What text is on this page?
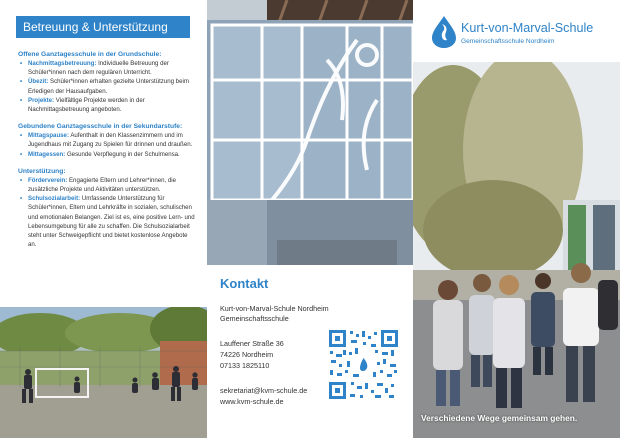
Betreuung & Unterstützung
Offene Ganztagesschule in der Grundschule:
• Nachmittagsbetreuung: Individuelle Betreuung der Schüler*innen nach dem regulären Unterricht.
• Übezit: Schüler*innen erhalten gezielte Unterstützung beim Erledigen der Hausaufgaben.
• Projekte: Vielfältige Projekte werden in der Nachmittagsbetreuung angeboten.
Gebundene Ganztagesschule in der Sekundarstufe:
• Mittagspause: Aufenthalt in den Klassenzimmern und im Jugendhaus mit Zugang zu Spielen für drinnen und draußen.
• Mittagessen: Gesunde Verpflegung in der Schulmensa.
Unterstützung:
• Förderverein: Engagierte Eltern und Lehrer*innen, die zusätzliche Projekte und Aktivitäten unterstützen.
• Schulsozialarbeit: Umfassende Unterstützung für Schüler*innen, Eltern und Lehrkräfte in sozialen, schulischen und emotionalen Belangen. Ziel ist es, eine positive Lern- und Lebensumgebung für alle zu schaffen. Die Schulsozialarbeit steht unter Schweigepflicht und bietet kostenlose Angebote an.
Kontakt
Kurt-von-Marval-Schule Nordheim
Gemeinschaftsschule
Lauffener Straße 36
74226 Nordheim
07133 1825110
sekretariat@kvm-schule.de
www.kvm-schule.de
Kurt-von-Marval-Schule
Gemeinschaftsschule Nordheim
Verschiedene Wege gemeinsam gehen.
